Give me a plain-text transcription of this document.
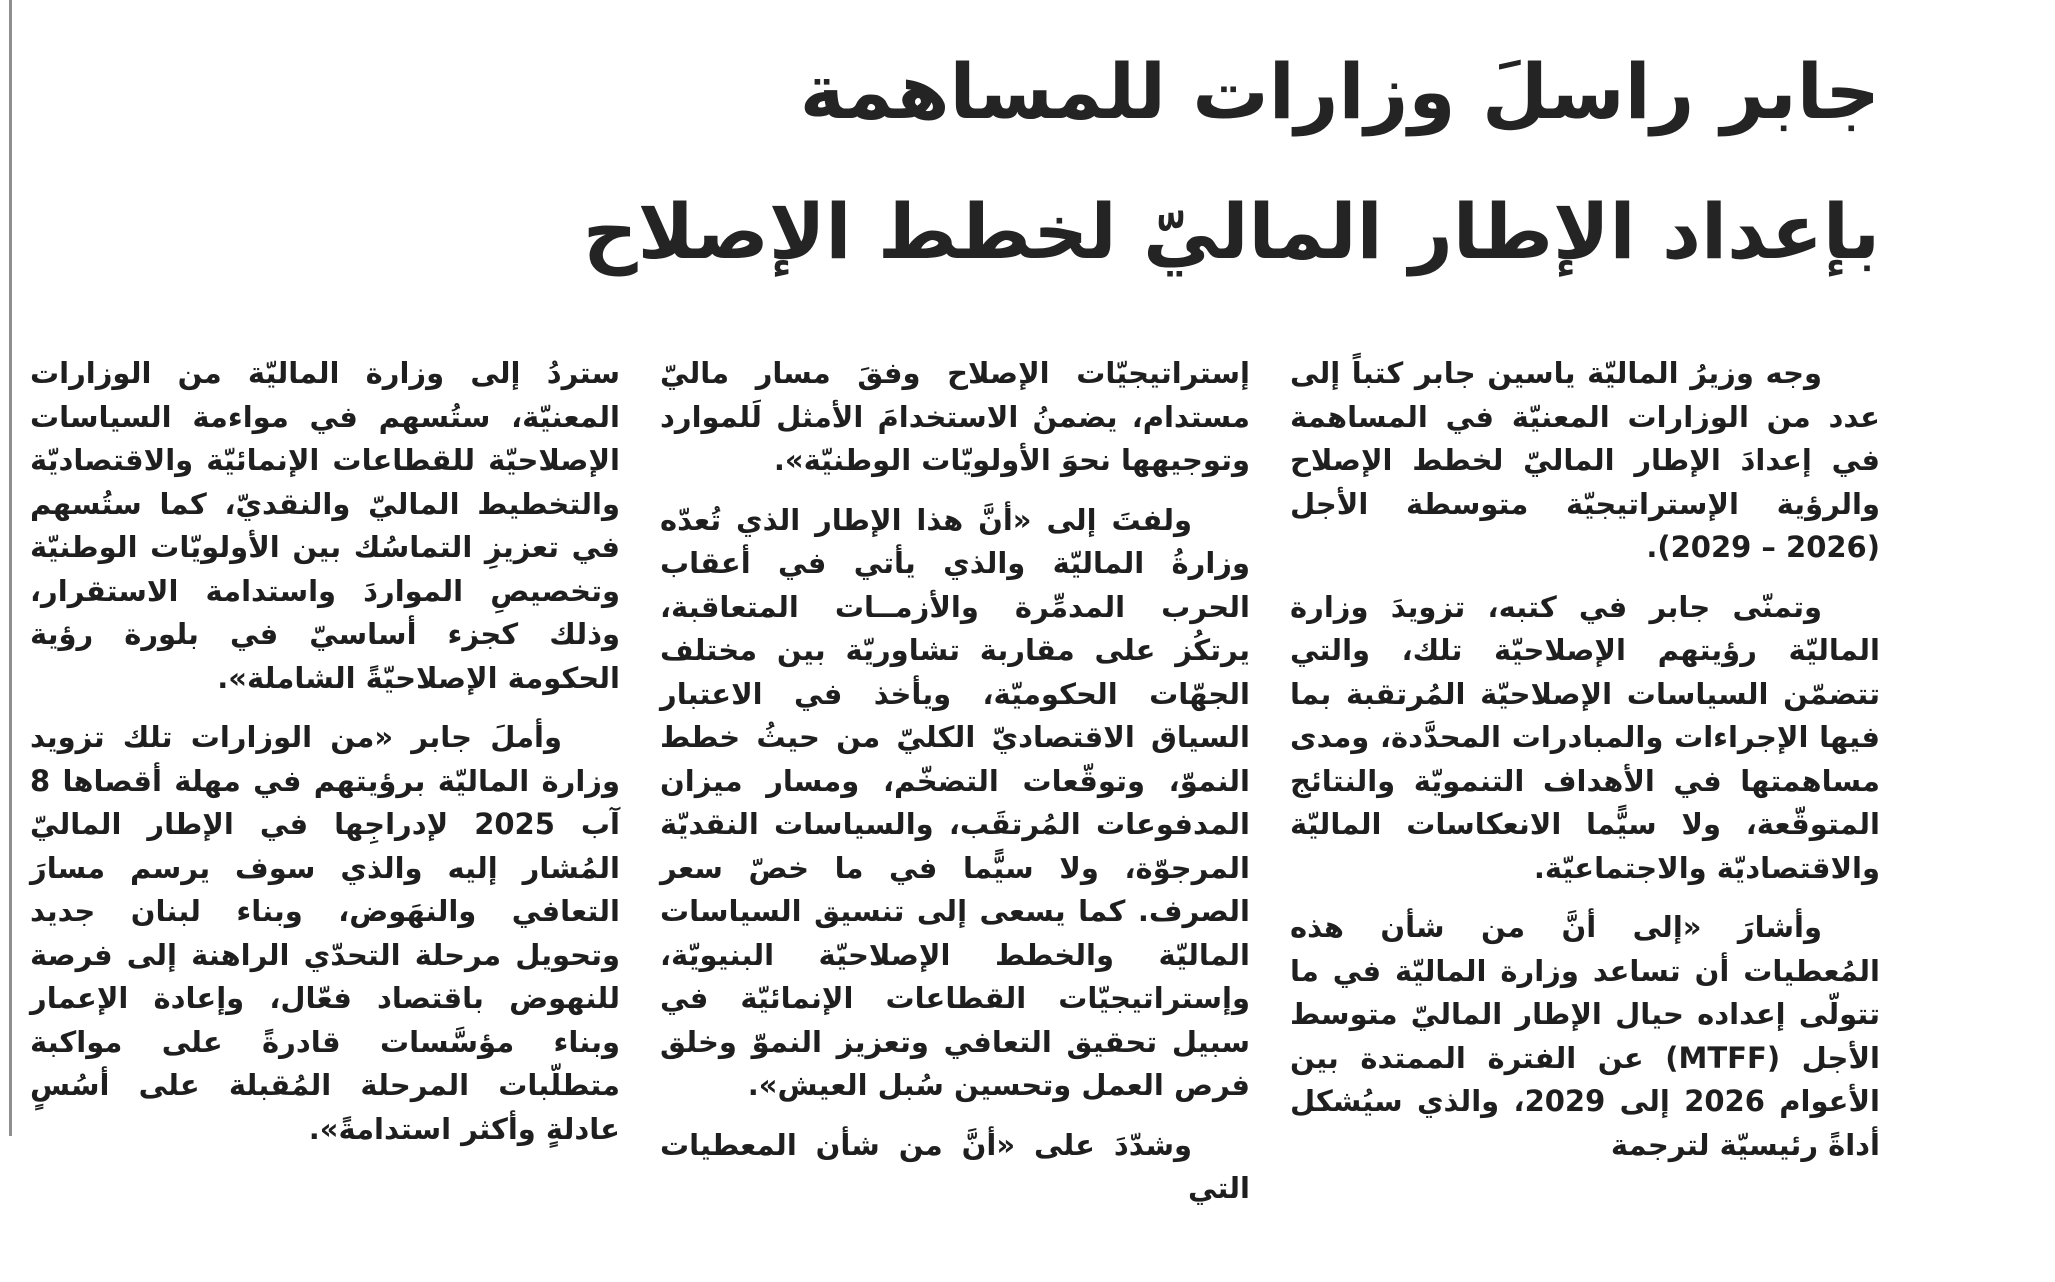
جابر راسلَ وزارات للمساهمة
بإعداد الإطار الماليّ لخطط الإصلاح

وجه وزيرُ الماليّة ياسين جابر كتباً إلى عدد من الوزارات المعنيّة في المساهمة في إعدادَ الإطار الماليّ لخطط الإصلاح والرؤية الإستراتيجيّة متوسطة الأجل (2026 – 2029).

وتمنّى جابر في كتبه، تزويدَ وزارة الماليّة رؤيتهم الإصلاحيّة تلك، والتي تتضمّن السياسات الإصلاحيّة المُرتقبة بما فيها الإجراءات والمبادرات المحدَّدة، ومدى مساهمتها في الأهداف التنمويّة والنتائج المتوقّعة، ولا سيًّما الانعكاسات الماليّة والاقتصاديّة والاجتماعيّة.

وأشارَ «إلى أنَّ من شأن هذه المُعطيات أن تساعد وزارة الماليّة في ما تتولّى إعداده حيال الإطار الماليّ متوسط الأجل (MTFF) عن الفترة الممتدة بين الأعوام 2026 إلى 2029، والذي سيُشكل أداةً رئيسيّة لترجمة

إستراتيجيّات الإصلاح وفقَ مسار ماليّ مستدام، يضمنُ الاستخدامَ الأمثل لَلموارد وتوجيهها نحوَ الأولويّات الوطنيّة».

ولفتَ إلى «أنَّ هذا الإطار الذي تُعدّه وزارةُ الماليّة والذي يأتي في أعقاب الحرب المدمِّرة والأزمــات المتعاقبة، يرتكُز على مقاربة تشاوريّة بين مختلف الجهّات الحكوميّة، ويأخذ في الاعتبار السياق الاقتصاديّ الكليّ من حيثُ خطط النموّ، وتوقّعات التضخّم، ومسار ميزان المدفوعات المُرتقَب، والسياسات النقديّة المرجوّة، ولا سيًّما في ما خصّ سعر الصرف. كما يسعى إلى تنسيق السياسات الماليّة والخطط الإصلاحيّة البنيويّة، وإستراتيجيّات القطاعات الإنمائيّة في سبيل تحقيق التعافي وتعزيز النموّ وخلق فرص العمل وتحسين سُبل العيش».

وشدّدَ على «أنَّ من شأن المعطيات التي

ستردُ إلى وزارة الماليّة من الوزارات المعنيّة، ستُسهم في مواءمة السياسات الإصلاحيّة للقطاعات الإنمائيّة والاقتصاديّة والتخطيط الماليّ والنقديّ، كما ستُسهم في تعزيزِ التماسُك بين الأولويّات الوطنيّة وتخصيصِ المواردَ واستدامة الاستقرار، وذلك كجزء أساسيّ في بلورة رؤية الحكومة الإصلاحيّةً الشاملة».

وأملَ جابر «من الوزارات تلك تزويد وزارة الماليّة برؤيتهم في مهلة أقصاها 8 آب 2025 لإدراجِها في الإطار الماليّ المُشار إليه والذي سوف يرسم مسارَ التعافي والنهَوض، وبناء لبنان جديد وتحويل مرحلة التحدّي الراهنة إلى فرصة للنهوض باقتصاد فعّال، وإعادة الإعمار وبناء مؤسَّسات قادرةً على مواكبة متطلّبات المرحلة المُقبلة على أسُسٍ عادلةٍ وأكثر استدامةً».
